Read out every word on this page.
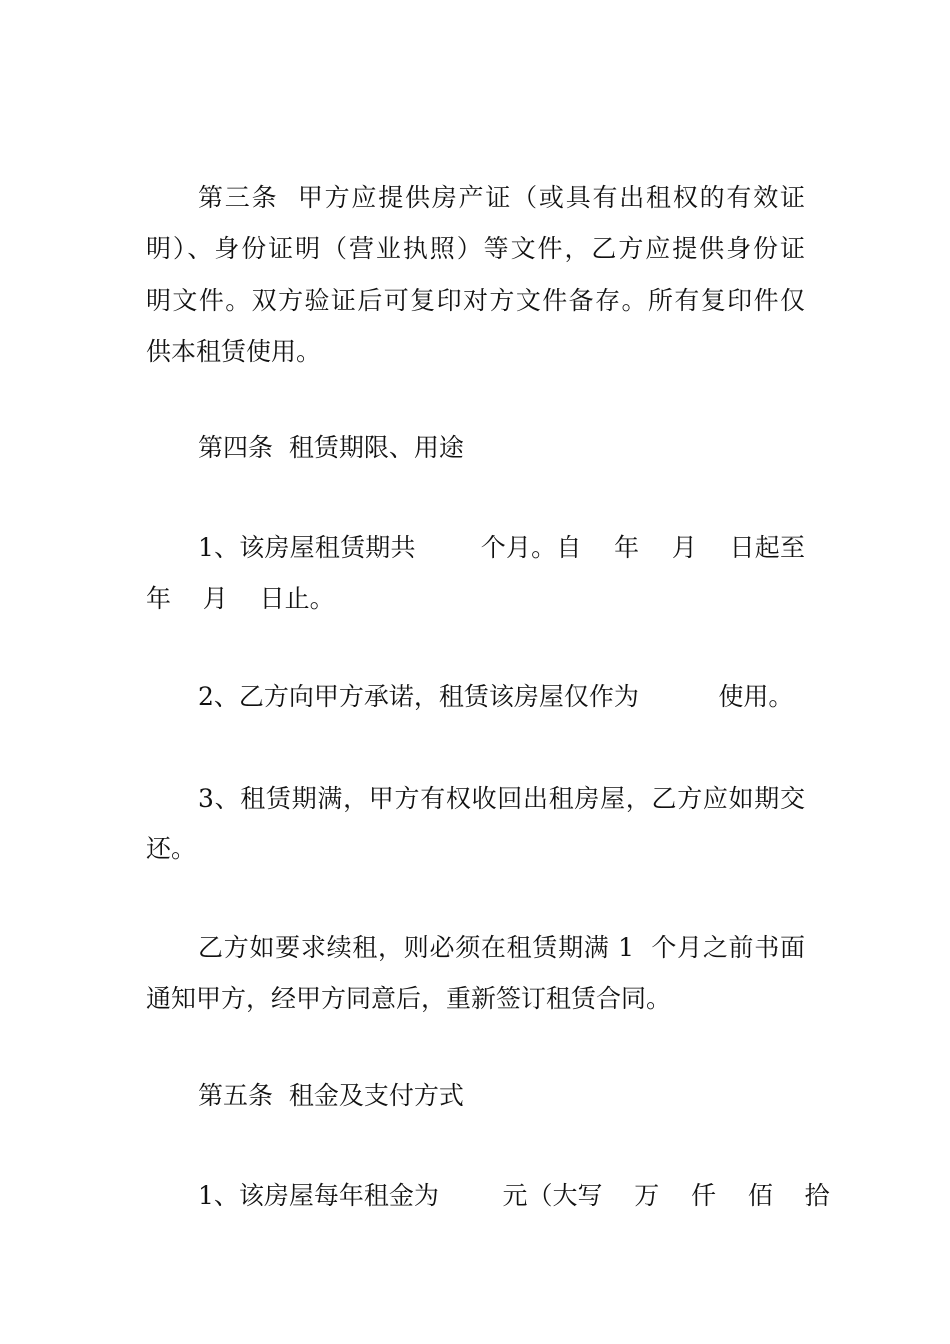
第三条  甲方应提供房产证（或具有出租权的有效证
明）、身份证明（营业执照）等文件，乙方应提供身份证
明文件。双方验证后可复印对方文件备存。所有复印件仅
供本租赁使用。
第四条  租赁期限、用途
1、该房屋租赁期共        个月。自    年    月    日起至
年    月    日止。
2、乙方向甲方承诺，租赁该房屋仅作为          使用。
3、租赁期满，甲方有权收回出租房屋，乙方应如期交
还。
乙方如要求续租，则必须在租赁期满 1  个月之前书面
通知甲方，经甲方同意后，重新签订租赁合同。
第五条  租金及支付方式
1、该房屋每年租金为        元（大写    万    仟    佰    拾
